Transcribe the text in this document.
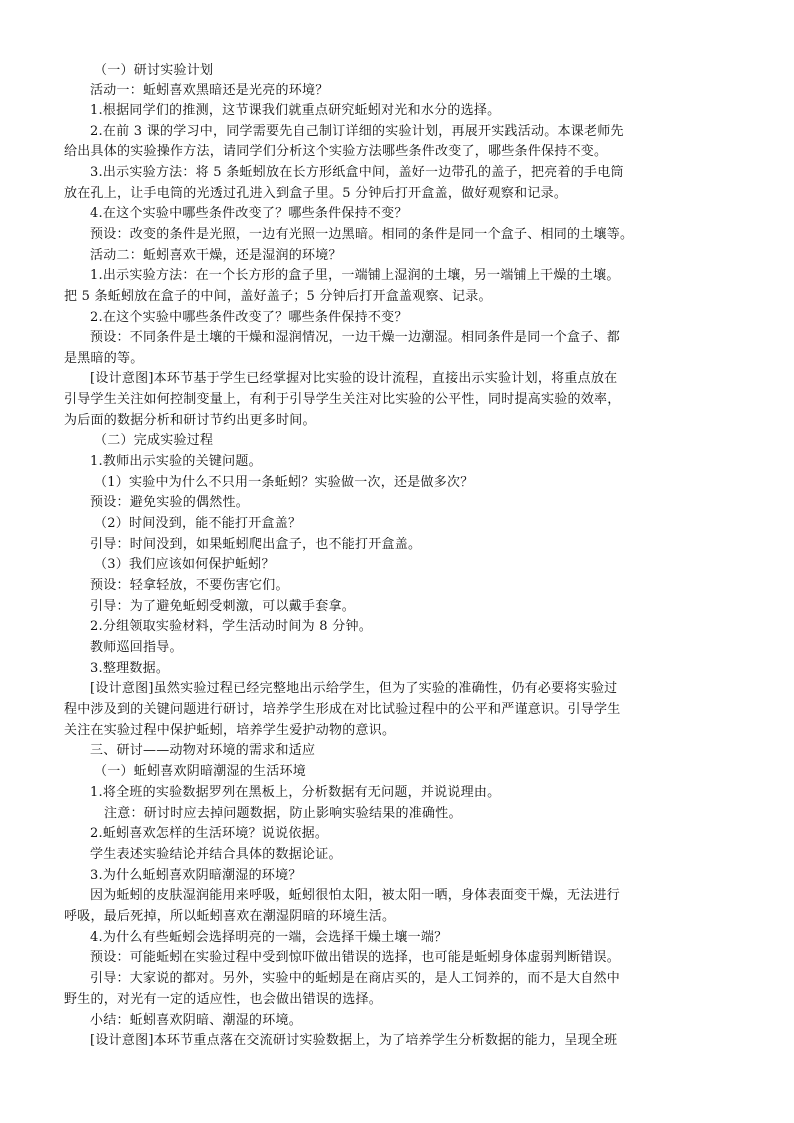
（一）研讨实验计划
活动一：蚯蚓喜欢黑暗还是光亮的环境？
1.根据同学们的推测，这节课我们就重点研究蚯蚓对光和水分的选择。
2.在前 3 课的学习中，同学需要先自己制订详细的实验计划，再展开实践活动。本课老师先
给出具体的实验操作方法，请同学们分析这个实验方法哪些条件改变了，哪些条件保持不变。
3.出示实验方法：将 5 条蚯蚓放在长方形纸盒中间，盖好一边带孔的盖子，把亮着的手电筒
放在孔上，让手电筒的光透过孔进入到盒子里。5 分钟后打开盒盖，做好观察和记录。
4.在这个实验中哪些条件改变了？哪些条件保持不变？
预设：改变的条件是光照，一边有光照一边黑暗。相同的条件是同一个盒子、相同的土壤等。
活动二：蚯蚓喜欢干燥，还是湿润的环境？
1.出示实验方法：在一个长方形的盒子里，一端铺上湿润的土壤，另一端铺上干燥的土壤。
把 5 条蚯蚓放在盒子的中间，盖好盖子；5 分钟后打开盒盖观察、记录。
2.在这个实验中哪些条件改变了？哪些条件保持不变？
预设：不同条件是土壤的干燥和湿润情况，一边干燥一边潮湿。相同条件是同一个盒子、都
是黑暗的等。
[设计意图]本环节基于学生已经掌握对比实验的设计流程，直接出示实验计划，将重点放在
引导学生关注如何控制变量上，有利于引导学生关注对比实验的公平性，同时提高实验的效率，
为后面的数据分析和研讨节约出更多时间。
（二）完成实验过程
1.教师出示实验的关键问题。
（1）实验中为什么不只用一条蚯蚓？实验做一次，还是做多次？
预设：避免实验的偶然性。
（2）时间没到，能不能打开盒盖？
引导：时间没到，如果蚯蚓爬出盒子，也不能打开盒盖。
（3）我们应该如何保护蚯蚓？
预设：轻拿轻放，不要伤害它们。
引导：为了避免蚯蚓受刺激，可以戴手套拿。
2.分组领取实验材料，学生活动时间为 8 分钟。
教师巡回指导。
3.整理数据。
[设计意图]虽然实验过程已经完整地出示给学生，但为了实验的准确性，仍有必要将实验过
程中涉及到的关键问题进行研讨，培养学生形成在对比试验过程中的公平和严谨意识。引导学生
关注在实验过程中保护蚯蚓，培养学生爱护动物的意识。
三、研讨——动物对环境的需求和适应
（一）蚯蚓喜欢阴暗潮湿的生活环境
1.将全班的实验数据罗列在黑板上，分析数据有无问题，并说说理由。
注意：研讨时应去掉问题数据，防止影响实验结果的准确性。
2.蚯蚓喜欢怎样的生活环境？说说依据。
学生表述实验结论并结合具体的数据论证。
3.为什么蚯蚓喜欢阴暗潮湿的环境？
因为蚯蚓的皮肤湿润能用来呼吸，蚯蚓很怕太阳，被太阳一晒，身体表面变干燥，无法进行
呼吸，最后死掉，所以蚯蚓喜欢在潮湿阴暗的环境生活。
4.为什么有些蚯蚓会选择明亮的一端，会选择干燥土壤一端？
预设：可能蚯蚓在实验过程中受到惊吓做出错误的选择，也可能是蚯蚓身体虚弱判断错误。
引导：大家说的都对。另外，实验中的蚯蚓是在商店买的，是人工饲养的，而不是大自然中
野生的，对光有一定的适应性，也会做出错误的选择。
小结：蚯蚓喜欢阴暗、潮湿的环境。
[设计意图]本环节重点落在交流研讨实验数据上，为了培养学生分析数据的能力，呈现全班
